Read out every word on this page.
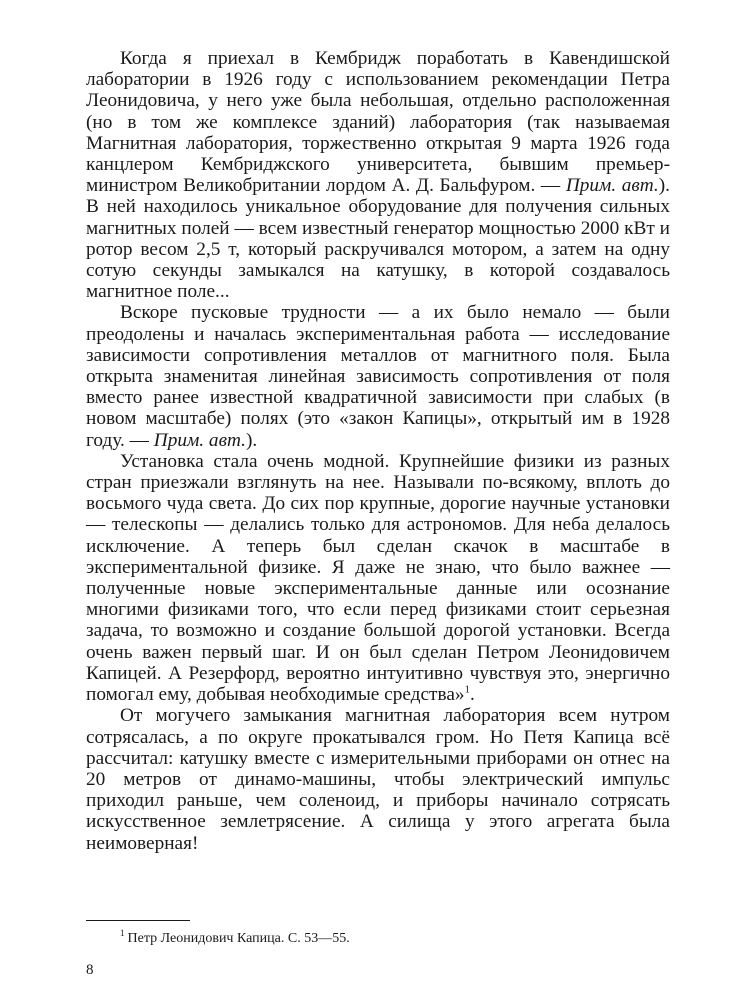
Когда я приехал в Кембридж поработать в Кавендишской лаборатории в 1926 году с использованием рекомендации Петра Леонидовича, у него уже была небольшая, отдельно расположенная (но в том же комплексе зданий) лаборатория (так называемая Магнитная лаборатория, торжественно открытая 9 марта 1926 года канцлером Кембриджского университета, бывшим премьер-министром Великобритании лордом А. Д. Бальфуром. — Прим. авт.). В ней находилось уникальное оборудование для получения сильных магнитных полей — всем известный генератор мощностью 2000 кВт и ротор весом 2,5 т, который раскручивался мотором, а затем на одну сотую секунды замыкался на катушку, в которой создавалось магнитное поле...

Вскоре пусковые трудности — а их было немало — были преодолены и началась экспериментальная работа — исследование зависимости сопротивления металлов от магнитного поля. Была открыта знаменитая линейная зависимость сопротивления от поля вместо ранее известной квадратичной зависимости при слабых (в новом масштабе) полях (это «закон Капицы», открытый им в 1928 году. — Прим. авт.).

Установка стала очень модной. Крупнейшие физики из разных стран приезжали взглянуть на нее. Называли по-всякому, вплоть до восьмого чуда света. До сих пор крупные, дорогие научные установки — телескопы — делались только для астрономов. Для неба делалось исключение. А теперь был сделан скачок в масштабе в экспериментальной физике. Я даже не знаю, что было важнее — полученные новые экспериментальные данные или осознание многими физиками того, что если перед физиками стоит серьезная задача, то возможно и создание большой дорогой установки. Всегда очень важен первый шаг. И он был сделан Петром Леонидовичем Капицей. А Резерфорд, вероятно интуитивно чувствуя это, энергично помогал ему, добывая необходимые средства»$^1$.

От могучего замыкания магнитная лаборатория всем нутром сотрясалась, а по округе прокатывался гром. Но Петя Капица всё рассчитал: катушку вместе с измерительными приборами он отнес на 20 метров от динамо-машины, чтобы электрический импульс приходил раньше, чем соленоид, и приборы начинало сотрясать искусственное землетрясение. А силища у этого агрегата была неимоверная!

$^1$ Петр Леонидович Капица. С. 53—55.
8
